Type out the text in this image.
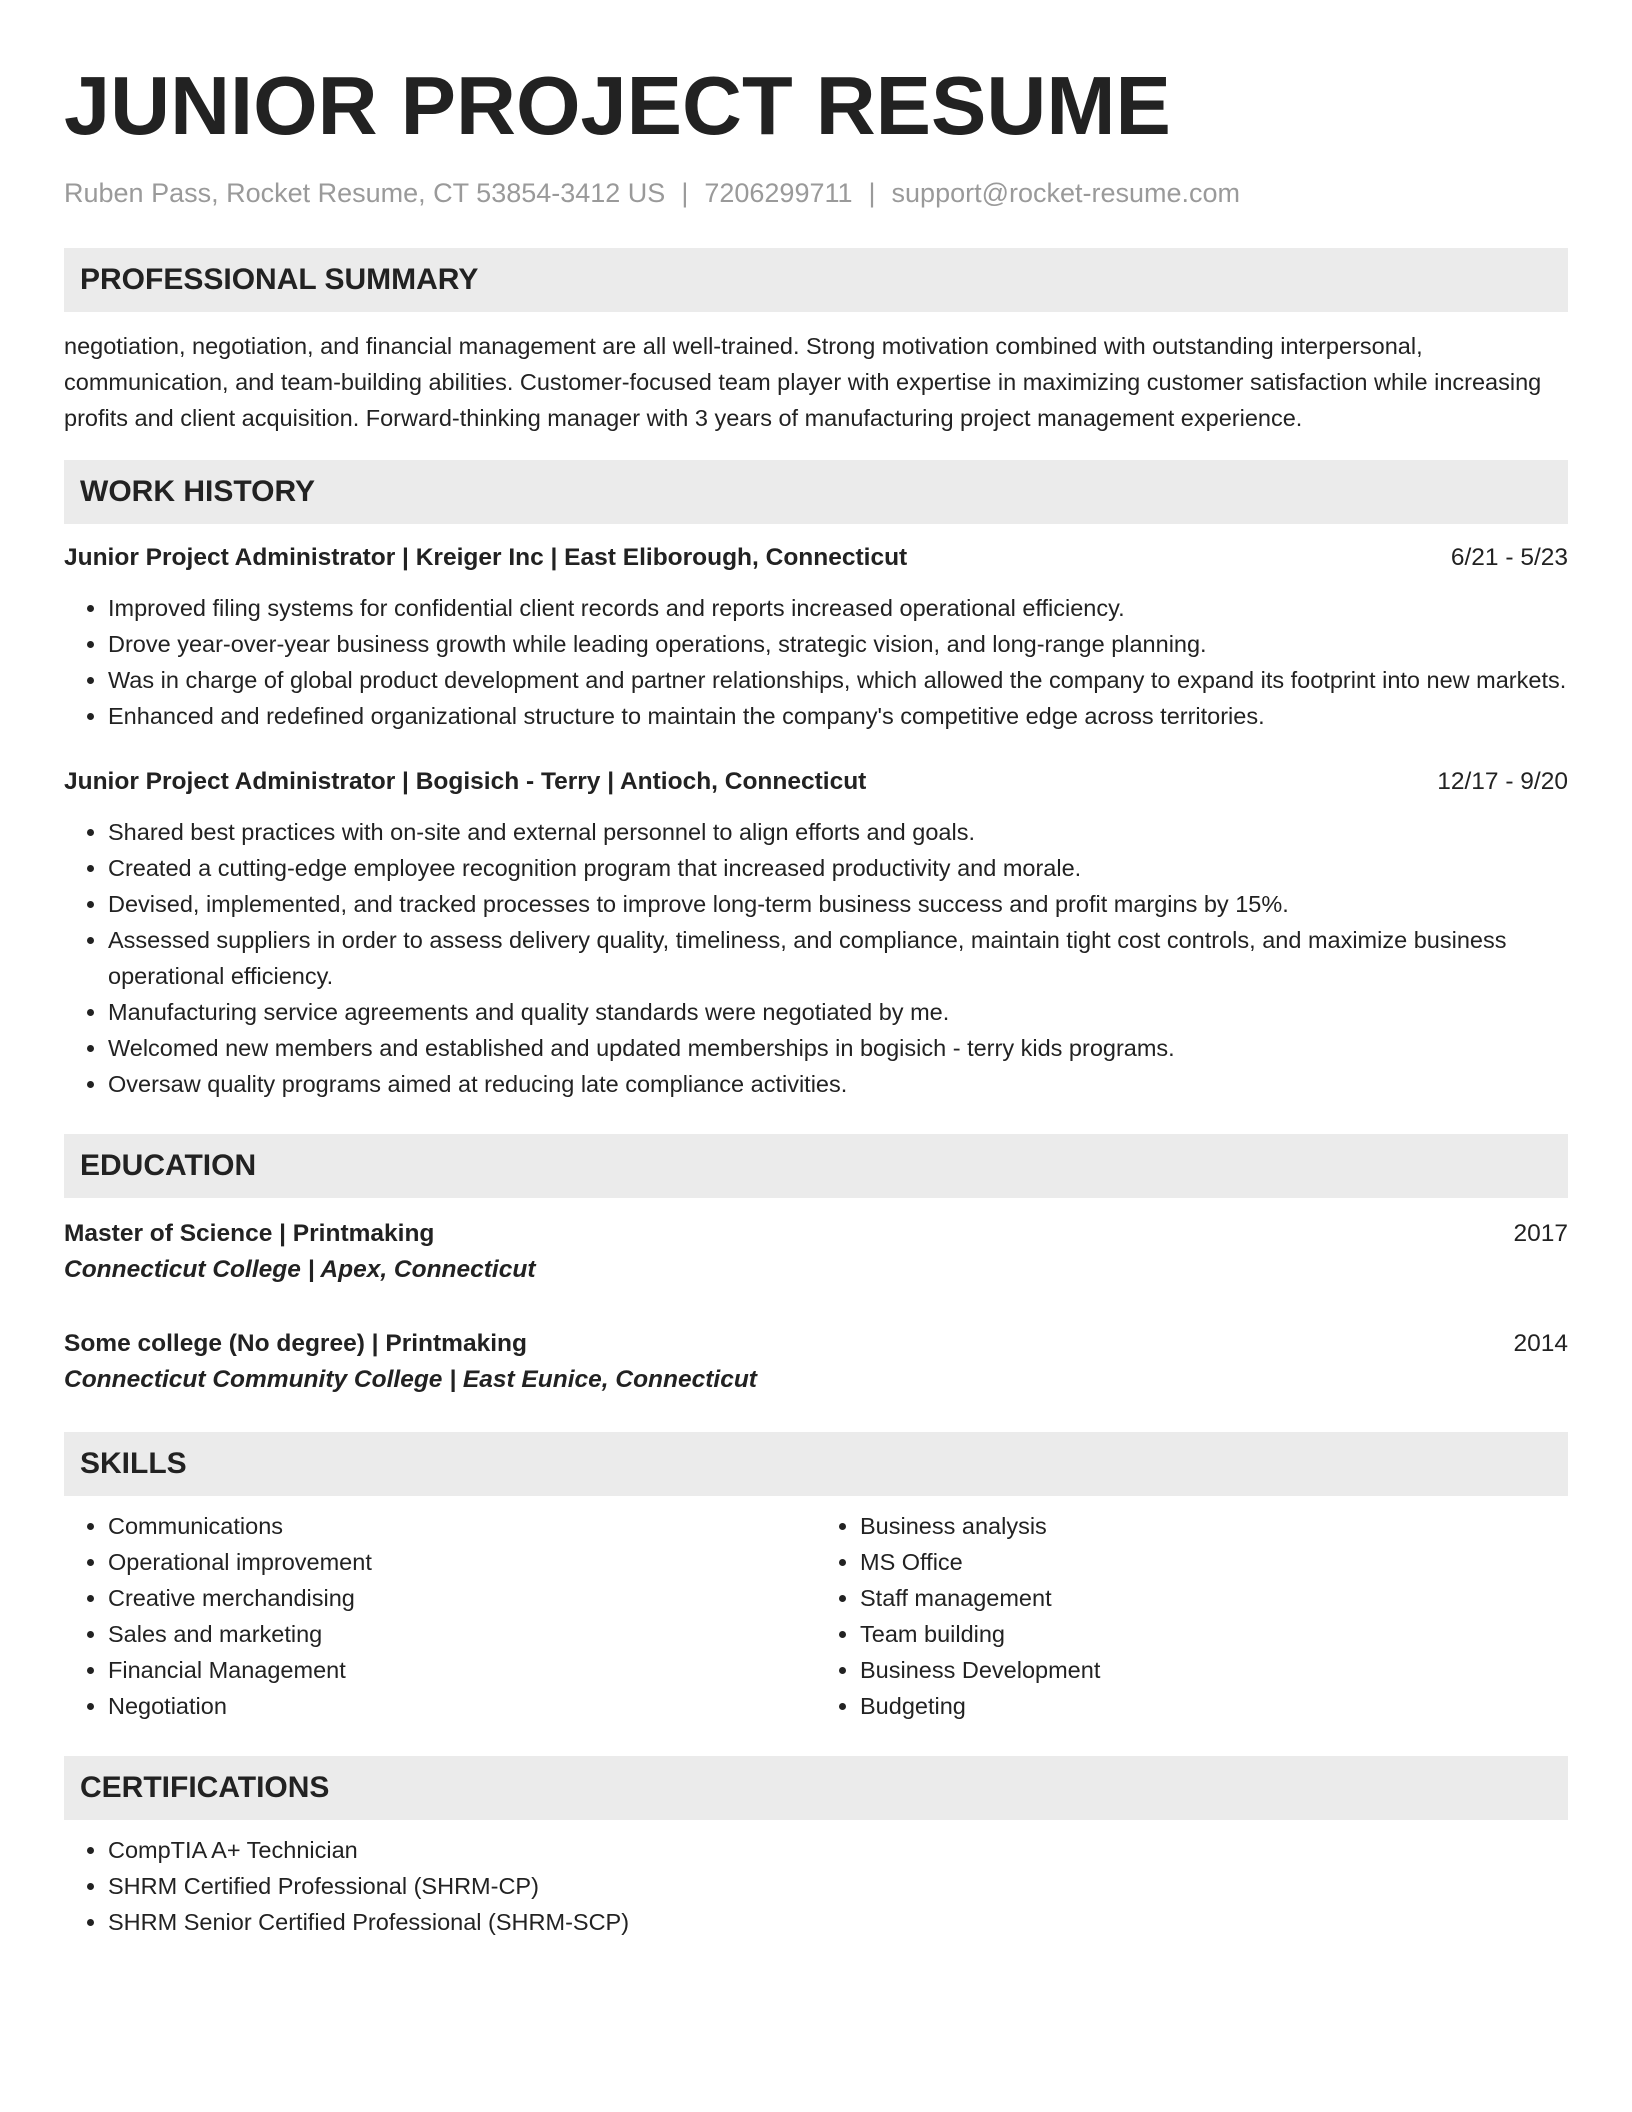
JUNIOR PROJECT RESUME
Ruben Pass, Rocket Resume, CT 53854-3412 US | 7206299711 | support@rocket-resume.com
PROFESSIONAL SUMMARY
negotiation, negotiation, and financial management are all well-trained. Strong motivation combined with outstanding interpersonal, communication, and team-building abilities. Customer-focused team player with expertise in maximizing customer satisfaction while increasing profits and client acquisition. Forward-thinking manager with 3 years of manufacturing project management experience.
WORK HISTORY
Junior Project Administrator | Kreiger Inc | East Eliborough, Connecticut	6/21 - 5/23
• Improved filing systems for confidential client records and reports increased operational efficiency.
• Drove year-over-year business growth while leading operations, strategic vision, and long-range planning.
• Was in charge of global product development and partner relationships, which allowed the company to expand its footprint into new markets.
• Enhanced and redefined organizational structure to maintain the company's competitive edge across territories.
Junior Project Administrator | Bogisich - Terry | Antioch, Connecticut	12/17 - 9/20
• Shared best practices with on-site and external personnel to align efforts and goals.
• Created a cutting-edge employee recognition program that increased productivity and morale.
• Devised, implemented, and tracked processes to improve long-term business success and profit margins by 15%.
• Assessed suppliers in order to assess delivery quality, timeliness, and compliance, maintain tight cost controls, and maximize business operational efficiency.
• Manufacturing service agreements and quality standards were negotiated by me.
• Welcomed new members and established and updated memberships in bogisich - terry kids programs.
• Oversaw quality programs aimed at reducing late compliance activities.
EDUCATION
Master of Science | Printmaking	2017
Connecticut College | Apex, Connecticut
Some college (No degree) | Printmaking	2014
Connecticut Community College | East Eunice, Connecticut
SKILLS
• Communications
• Operational improvement
• Creative merchandising
• Sales and marketing
• Financial Management
• Negotiation
• Business analysis
• MS Office
• Staff management
• Team building
• Business Development
• Budgeting
CERTIFICATIONS
• CompTIA A+ Technician
• SHRM Certified Professional (SHRM-CP)
• SHRM Senior Certified Professional (SHRM-SCP)
